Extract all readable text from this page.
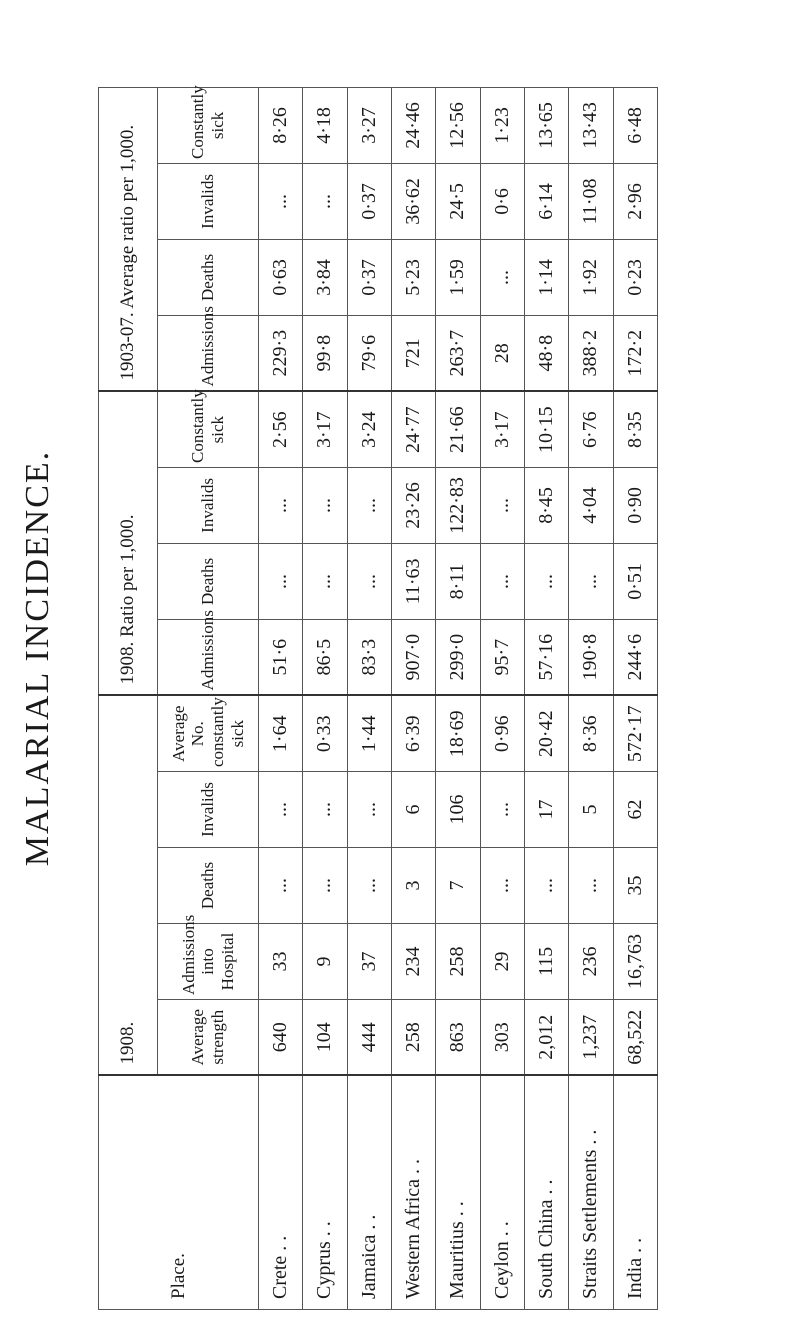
MALARIAL INCIDENCE.
Place.	1908.					1908. Ratio per 1,000.				1903-07. Average ratio per 1,000.			
	Average strength	Admissions into Hospital	Deaths	Invalids	Average No. constantly sick	Admissions	Deaths	Invalids	Constantly sick	Admissions	Deaths	Invalids	Constantly sick
Crete . .	640	33	...	...	1·64	51·6	...	...	2·56	229·3	0·63	...	8·26
Cyprus . .	104	9	...	...	0·33	86·5	...	...	3·17	99·8	3·84	...	4·18
Jamaica . .	444	37	...	...	1·44	83·3	...	...	3·24	79·6	0·37	0·37	3·27
Western Africa . .	258	234	3	6	6·39	907·0	11·63	23·26	24·77	721	5·23	36·62	24·46
Mauritius . .	863	258	7	106	18·69	299·0	8·11	122·83	21·66	263·7	1·59	24·5	12·56
Ceylon . .	303	29	...	...	0·96	95·7	...	...	3·17	28	...	0·6	1·23
South China . .	2,012	115	...	17	20·42	57·16	...	8·45	10·15	48·8	1·14	6·14	13·65
Straits Settlements . .	1,237	236	...	5	8·36	190·8	...	4·04	6·76	388·2	1·92	11·08	13·43
India . .	68,522	16,763	35	62	572·17	244·6	0·51	0·90	8·35	172·2	0·23	2·96	6·48
